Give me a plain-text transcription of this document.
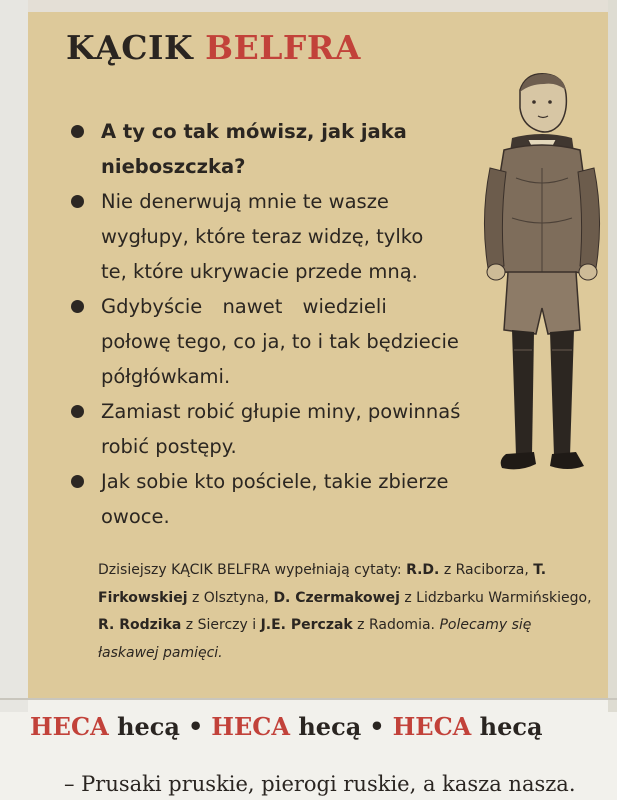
KĄCIK BELFRA
A ty co tak mówisz, jak jaka
nieboszczka?
Nie denerwują mnie te wasze
wygłupy, które teraz widzę, tylko
te, które ukrywacie przede mną.
Gdybyście nawet wiedzieli
połowę tego, co ja, to i tak będziecie
półgłówkami.
Zamiast robić głupie miny, powinnaś
robić postępy.
Jak sobie kto pościele, takie zbierze
owoce.

Dzisiejszy KĄCIK BELFRA wypełniają cytaty: R.D. z Raciborza, T. Firkowskiej z Olsztyna, D. Czermakowej z Lidzbarku Warmińskiego, R. Rodzika z Sierczy i J.E. Perczak z Radomia. Polecamy się łaskawej pamięci.

HECA hecą • HECA hecą • HECA hecą
– Prusaki pruskie, pierogi ruskie, a kasza nasza.
